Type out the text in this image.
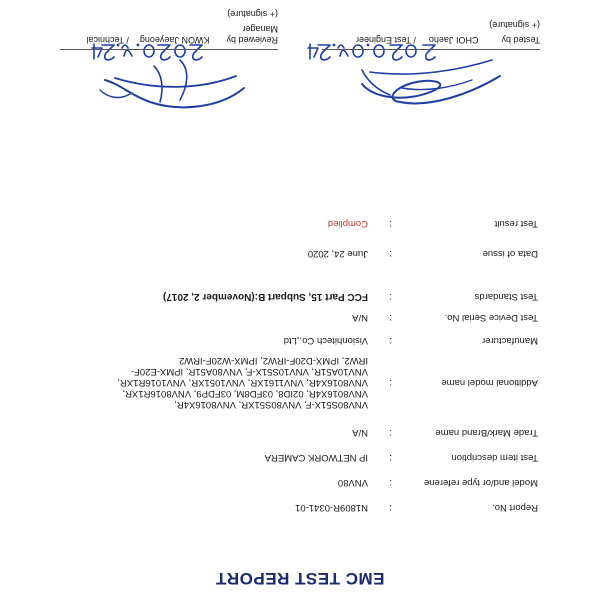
EMC TEST REPORT
Report No.
:
N1809R-0341-01
Model and/or type referene
:
VNV80
Test item description
:
IP NETWORK CAMERA
Trade Mark/Brand name
:
N/A
Additional model name
:
VNV80S51X-F, VNV80S51XR, VNV8016X4R,
VNV8016X4R, 02ID8, 03FD8M, 03FDP9, VNV8016R1XR,
VNV8016X4R, VNV1161XR, VNV1051XR, VNV1016R1XR,
VNV10A51R, VNV10S51X-F, VNV80A51R, IPMX-E20F-
IRW2, IPMX-D20F-IRW2, IPMX-W20F-IRW2
Manufacturer
:
Visionhitech Co.,Ltd
Test Device Serial No.
:
N/A
Test Standards
:
FCC Part 15, Subpart B:(November 2, 2017)
Data of issue
:
June 24, 2020
Test result
:
Complied
Tested by  CHOI Jaeho  / Test Engineer
(+ signature)
Reviewed by  KWON Jaeyeong  / Technical Manager
(+ signature)
